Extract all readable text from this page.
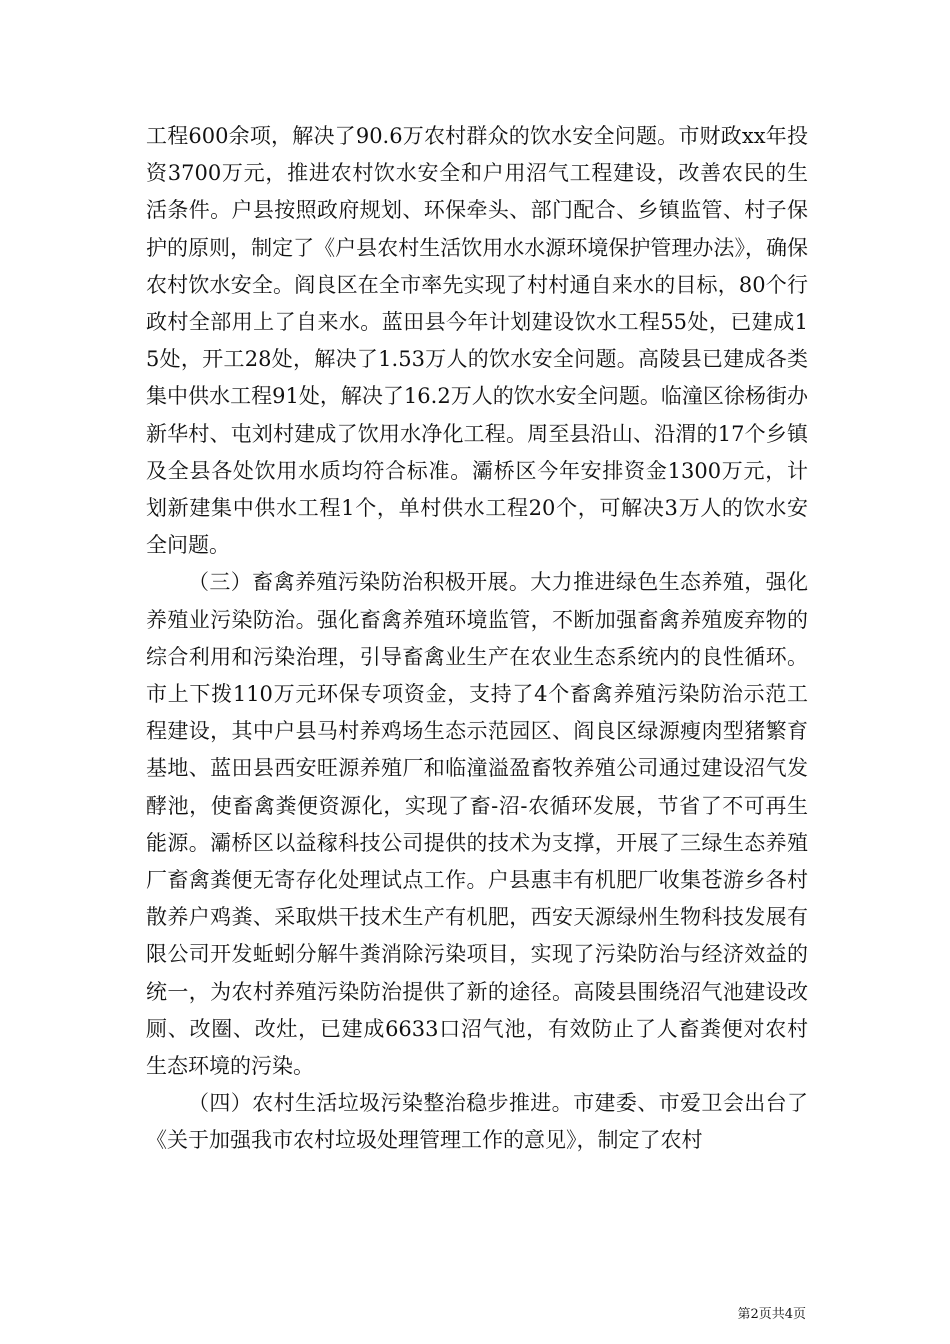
工程600余项，解决了90.6万农村群众的饮水安全问题。市财政xx年投资3700万元，推进农村饮水安全和户用沼气工程建设，改善农民的生活条件。户县按照政府规划、环保牵头、部门配合、乡镇监管、村子保护的原则，制定了《户县农村生活饮用水水源环境保护管理办法》，确保农村饮水安全。阎良区在全市率先实现了村村通自来水的目标，80个行政村全部用上了自来水。蓝田县今年计划建设饮水工程55处，已建成15处，开工28处，解决了1.53万人的饮水安全问题。高陵县已建成各类集中供水工程91处，解决了16.2万人的饮水安全问题。临潼区徐杨街办新华村、屯刘村建成了饮用水净化工程。周至县沿山、沿渭的17个乡镇及全县各处饮用水质均符合标准。灞桥区今年安排资金1300万元，计划新建集中供水工程1个，单村供水工程20个，可解决3万人的饮水安全问题。

（三）畜禽养殖污染防治积极开展。大力推进绿色生态养殖，强化养殖业污染防治。强化畜禽养殖环境监管，不断加强畜禽养殖废弃物的综合利用和污染治理，引导畜禽业生产在农业生态系统内的良性循环。市上下拨110万元环保专项资金，支持了4个畜禽养殖污染防治示范工程建设，其中户县马村养鸡场生态示范园区、阎良区绿源瘦肉型猪繁育基地、蓝田县西安旺源养殖厂和临潼溢盈畜牧养殖公司通过建设沼气发酵池，使畜禽粪便资源化，实现了畜-沼-农循环发展，节省了不可再生能源。灞桥区以益稼科技公司提供的技术为支撑，开展了三绿生态养殖厂畜禽粪便无寄存化处理试点工作。户县惠丰有机肥厂收集苍游乡各村散养户鸡粪、采取烘干技术生产有机肥，西安天源绿州生物科技发展有限公司开发蚯蚓分解牛粪消除污染项目，实现了污染防治与经济效益的统一，为农村养殖污染防治提供了新的途径。高陵县围绕沼气池建设改厕、改圈、改灶，已建成6633口沼气池，有效防止了人畜粪便对农村生态环境的污染。

（四）农村生活垃圾污染整治稳步推进。市建委、市爱卫会出台了《关于加强我市农村垃圾处理管理工作的意见》，制定了农村

第2页共4页
